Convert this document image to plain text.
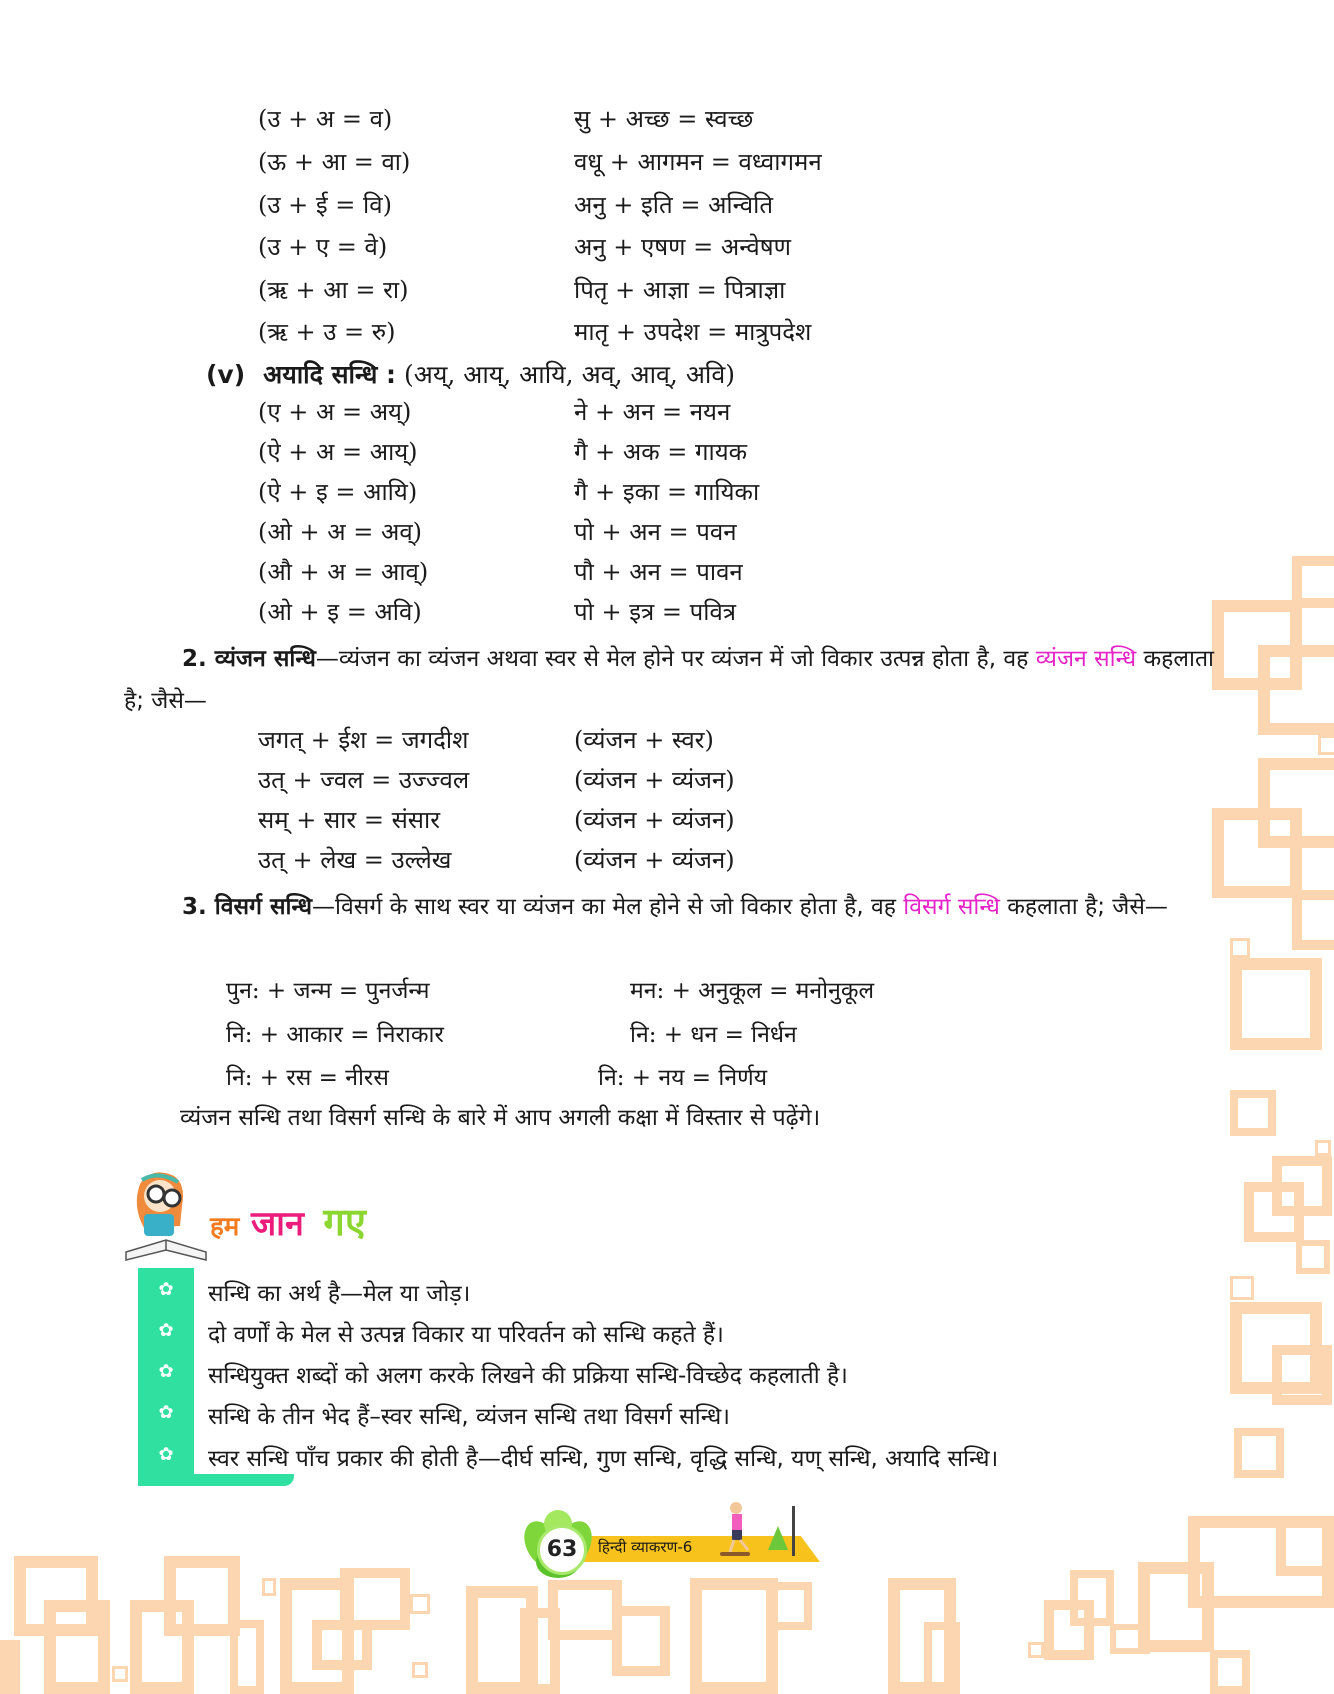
(उ + अ = व)	सु + अच्छ = स्वच्छ
(ऊ + आ = वा)	वधू + आगमन = वध्वागमन
(उ + ई = वि)	अनु + इति = अन्विति
(उ + ए = वे)	अनु + एषण = अन्वेषण
(ऋ + आ = रा)	पितृ + आज्ञा = पित्राज्ञा
(ऋ + उ = रु)	मातृ + उपदेश = मात्रुपदेश
(v) अयादि सन्धि : (अय्, आय्, आयि, अव्, आव्, अवि)
(ए + अ = अय्)	ने + अन = नयन
(ऐ + अ = आय्)	गै + अक = गायक
(ऐ + इ = आयि)	गै + इका = गायिका
(ओ + अ = अव्)	पो + अन = पवन
(औ + अ = आव्)	पौ + अन = पावन
(ओ + इ = अवि)	पो + इत्र = पवित्र
2. व्यंजन सन्धि—व्यंजन का व्यंजन अथवा स्वर से मेल होने पर व्यंजन में जो विकार उत्पन्न होता है, वह व्यंजन सन्धि कहलाता है; जैसे—
जगत् + ईश = जगदीश	(व्यंजन + स्वर)
उत् + ज्वल = उज्ज्वल	(व्यंजन + व्यंजन)
सम् + सार = संसार	(व्यंजन + व्यंजन)
उत् + लेख = उल्लेख	(व्यंजन + व्यंजन)
3. विसर्ग सन्धि—विसर्ग के साथ स्वर या व्यंजन का मेल होने से जो विकार होता है, वह विसर्ग सन्धि कहलाता है; जैसे—
पुन: + जन्म = पुनर्जन्म	मन: + अनुकूल = मनोनुकूल
नि: + आकार = निराकार	नि: + धन = निर्धन
नि: + रस = नीरस	नि: + नय = निर्णय
व्यंजन सन्धि तथा विसर्ग सन्धि के बारे में आप अगली कक्षा में विस्तार से पढ़ेंगे।
हम जान गए
✿ सन्धि का अर्थ है—मेल या जोड़।
✿ दो वर्णों के मेल से उत्पन्न विकार या परिवर्तन को सन्धि कहते हैं।
✿ सन्धियुक्त शब्दों को अलग करके लिखने की प्रक्रिया सन्धि-विच्छेद कहलाती है।
✿ सन्धि के तीन भेद हैं–स्वर सन्धि, व्यंजन सन्धि तथा विसर्ग सन्धि।
✿ स्वर सन्धि पाँच प्रकार की होती है—दीर्घ सन्धि, गुण सन्धि, वृद्धि सन्धि, यण् सन्धि, अयादि सन्धि।
63	हिन्दी व्याकरण-6
